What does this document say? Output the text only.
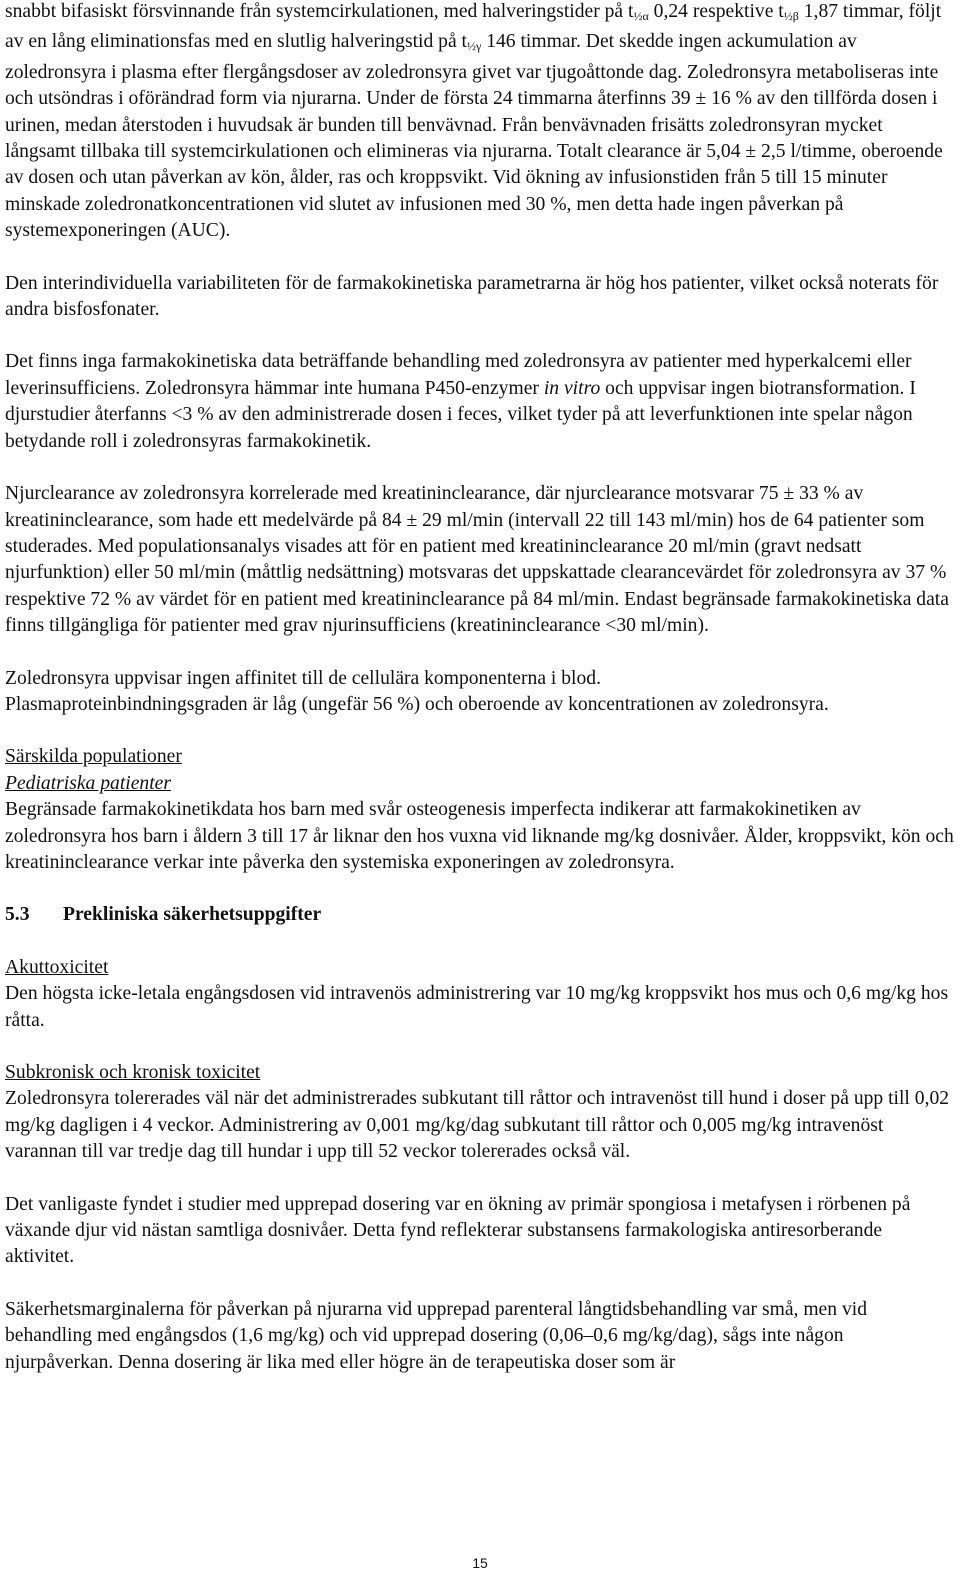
snabbt bifasiskt försvinnande från systemcirkulationen, med halveringstider på $t_{\frac{1}{2}\alpha}$ 0,24 respektive $t_{\frac{1}{2}\beta}$ 1,87 timmar, följt av en lång eliminationsfas med en slutlig halveringstid på $t_{\frac{1}{2}\gamma}$ 146 timmar. Det skedde ingen ackumulation av zoledronsyra i plasma efter flergångsdoser av zoledronsyra givet var tjugoåttonde dag. Zoledronsyra metaboliseras inte och utsöndras i oförändrad form via njurarna. Under de första 24 timmarna återfinns 39 ± 16 % av den tillförda dosen i urinen, medan återstoden i huvudsak är bunden till benvävnad. Från benvävnaden frisätts zoledronsyran mycket långsamt tillbaka till systemcirkulationen och elimineras via njurarna. Totalt clearance är 5,04 ± 2,5 l/timme, oberoende av dosen och utan påverkan av kön, ålder, ras och kroppsvikt. Vid ökning av infusionstiden från 5 till 15 minuter minskade zoledronatkoncentrationen vid slutet av infusionen med 30 %, men detta hade ingen påverkan på systemexponeringen (AUC).

Den interindividuella variabiliteten för de farmakokinetiska parametrarna är hög hos patienter, vilket också noterats för andra bisfosfonater.

Det finns inga farmakokinetiska data beträffande behandling med zoledronsyra av patienter med hyperkalcemi eller leverinsufficiens. Zoledronsyra hämmar inte humana P450-enzymer in vitro och uppvisar ingen biotransformation. I djurstudier återfanns <3 % av den administrerade dosen i feces, vilket tyder på att leverfunktionen inte spelar någon betydande roll i zoledronsyras farmakokinetik.

Njurclearance av zoledronsyra korrelerade med kreatininclearance, där njurclearance motsvarar 75 ± 33 % av kreatininclearance, som hade ett medelvärde på 84 ± 29 ml/min (intervall 22 till 143 ml/min) hos de 64 patienter som studerades. Med populationsanalys visades att för en patient med kreatininclearance 20 ml/min (gravt nedsatt njurfunktion) eller 50 ml/min (måttlig nedsättning) motsvaras det uppskattade clearancevärdet för zoledronsyra av 37 % respektive 72 % av värdet för en patient med kreatininclearance på 84 ml/min. Endast begränsade farmakokinetiska data finns tillgängliga för patienter med grav njurinsufficiens (kreatininclearance <30 ml/min).

Zoledronsyra uppvisar ingen affinitet till de cellulära komponenterna i blod.

Plasmaproteinbindningsgraden är låg (ungefär 56 %) och oberoende av koncentrationen av zoledronsyra.

Särskilda populationer
Pediatriska patienter
Begränsade farmakokinetikdata hos barn med svår osteogenesis imperfecta indikerar att farmakokinetiken av zoledronsyra hos barn i åldern 3 till 17 år liknar den hos vuxna vid liknande mg/kg dosnivåer. Ålder, kroppsvikt, kön och kreatininclearance verkar inte påverka den systemiska exponeringen av zoledronsyra.

5.3 Prekliniska säkerhetsuppgifter

Akuttoxicitet
Den högsta icke-letala engångsdosen vid intravenös administrering var 10 mg/kg kroppsvikt hos mus och 0,6 mg/kg hos råtta.

Subkronisk och kronisk toxicitet
Zoledronsyra tolererades väl när det administrerades subkutant till råttor och intravenöst till hund i doser på upp till 0,02 mg/kg dagligen i 4 veckor. Administrering av 0,001 mg/kg/dag subkutant till råttor och 0,005 mg/kg intravenöst varannan till var tredje dag till hundar i upp till 52 veckor tolererades också väl.

Det vanligaste fyndet i studier med upprepad dosering var en ökning av primär spongiosa i metafysen i rörbenen på växande djur vid nästan samtliga dosnivåer. Detta fynd reflekterar substansens farmakologiska antiresorberande aktivitet.

Säkerhetsmarginalerna för påverkan på njurarna vid upprepad parenteral långtidsbehandling var små, men vid behandling med engångsdos (1,6 mg/kg) och vid upprepad dosering (0,06–0,6 mg/kg/dag), sågs inte någon njurpåverkan. Denna dosering är lika med eller högre än de terapeutiska doser som är

15
